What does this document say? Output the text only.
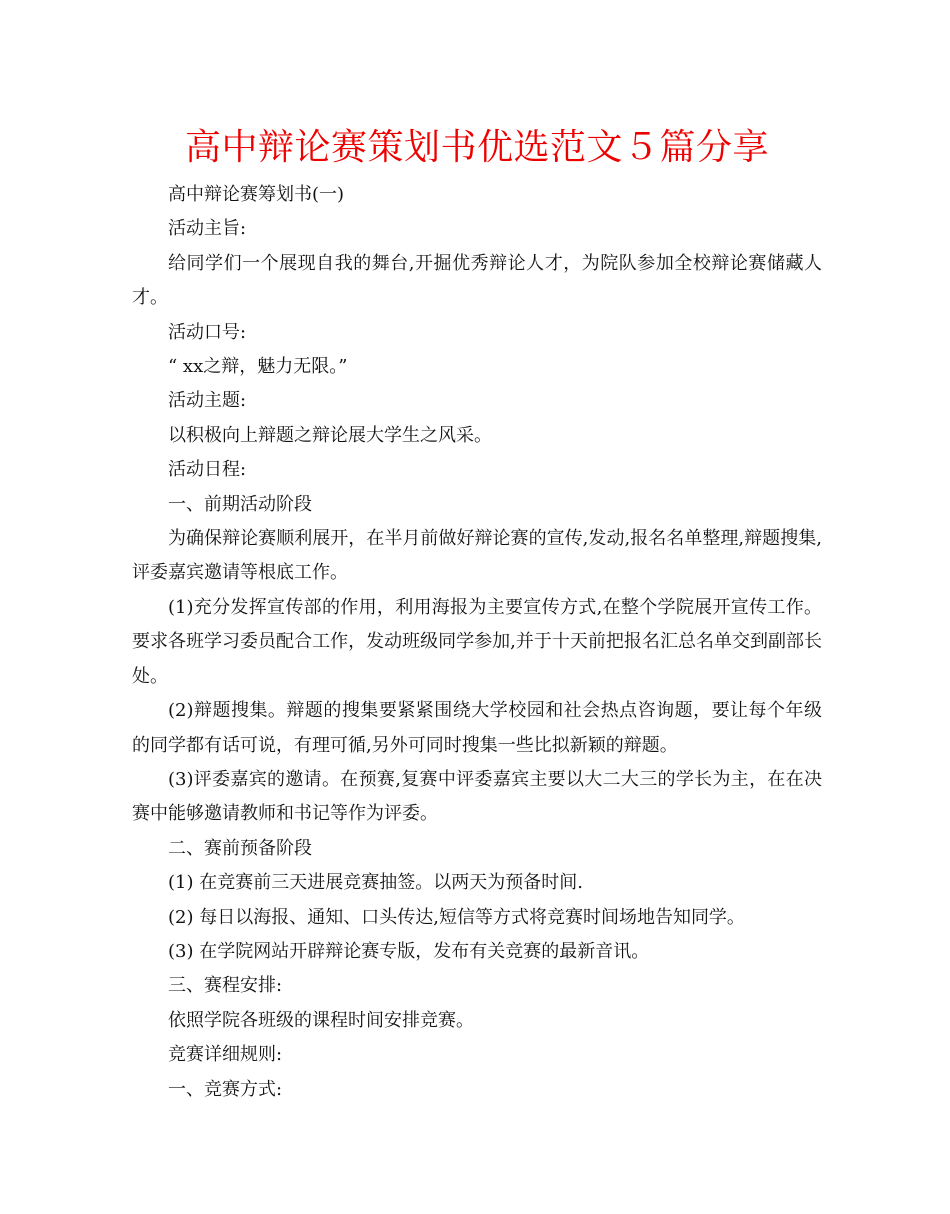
高中辩论赛策划书优选范文５篇分享

高中辩论赛筹划书(一)

活动主旨:

给同学们一个展现自我的舞台,开掘优秀辩论人才，为院队参加全校辩论赛储藏人才。

活动口号:

“ xx之辩，魅力无限。”

活动主题:

以积极向上辩题之辩论展大学生之风采。

活动日程:

一、前期活动阶段

为确保辩论赛顺利展开，在半月前做好辩论赛的宣传,发动,报名名单整理,辩题搜集,评委嘉宾邀请等根底工作。

(1)充分发挥宣传部的作用，利用海报为主要宣传方式,在整个学院展开宣传工作。要求各班学习委员配合工作，发动班级同学参加,并于十天前把报名汇总名单交到副部长处。

(2)辩题搜集。辩题的搜集要紧紧围绕大学校园和社会热点咨询题，要让每个年级的同学都有话可说，有理可循,另外可同时搜集一些比拟新颖的辩题。

(3)评委嘉宾的邀请。在预赛,复赛中评委嘉宾主要以大二大三的学长为主，在在决赛中能够邀请教师和书记等作为评委。

二、赛前预备阶段

(1) 在竞赛前三天进展竞赛抽签。以两天为预备时间.

(2) 每日以海报、通知、口头传达,短信等方式将竞赛时间场地告知同学。

(3) 在学院网站开辟辩论赛专版，发布有关竞赛的最新音讯。

三、赛程安排:

依照学院各班级的课程时间安排竞赛。

竞赛详细规则:

一、竞赛方式:
